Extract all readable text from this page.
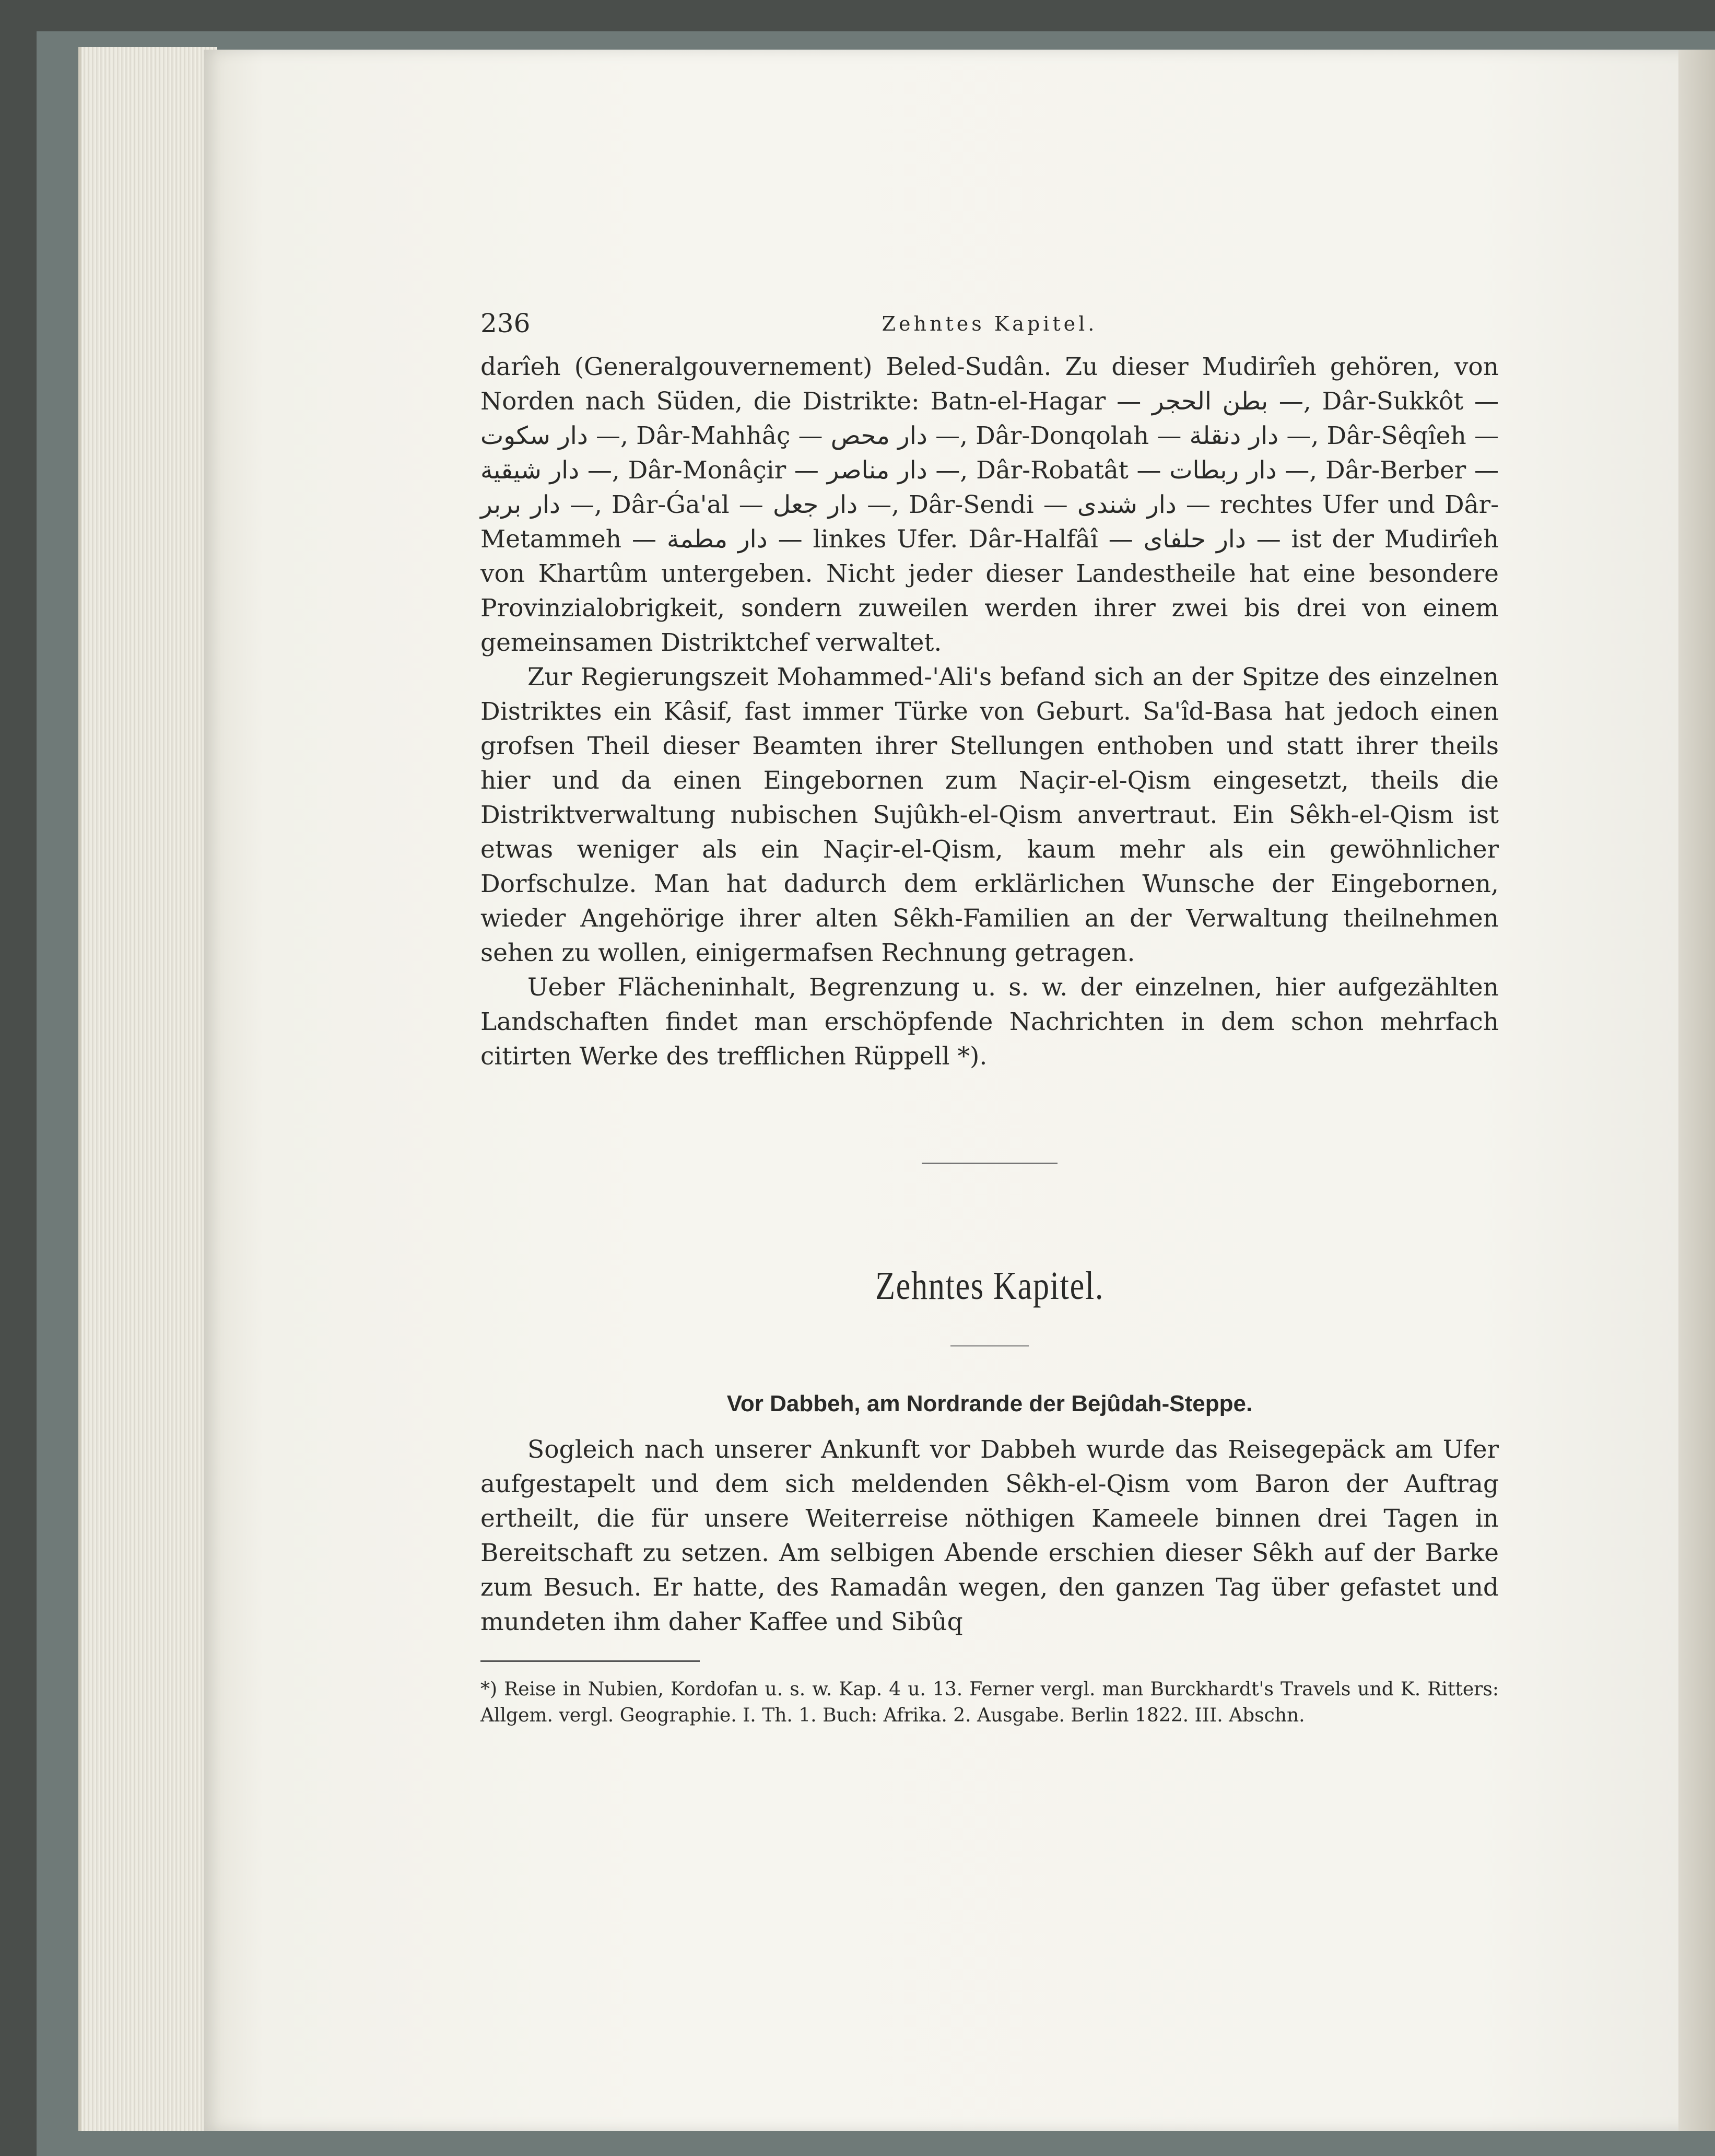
236	Zehntes Kapitel.

darîeh (Generalgouvernement) Beled-Sudân. Zu dieser Mudirîeh gehören, von Norden nach Süden, die Distrikte: Batn-el-Hagar — بطن الحجر —, Dâr-Sukkôt — دار سكوت —, Dâr-Mahhâç — دار محص —, Dâr-Donqolah — دار دنقلة —, Dâr-Sêqîeh — دار شيقية —, Dâr-Monâçir — دار مناصر —, Dâr-Robatât — دار ربطات —, Dâr-Berber — دار بربر —, Dâr-Ǵa'al — دار جعل —, Dâr-Sendi — دار شندى — rechtes Ufer und Dâr-Metammeh — دار مطمة — linkes Ufer. Dâr-Halfâî — دار حلفاى — ist der Mudirîeh von Khartûm untergeben. Nicht jeder dieser Landestheile hat eine besondere Provinzialobrigkeit, sondern zuweilen werden ihrer zwei bis drei von einem gemeinsamen Distriktchef verwaltet.

Zur Regierungszeit Mohammed-'Ali's befand sich an der Spitze des einzelnen Distriktes ein Kâsif, fast immer Türke von Geburt. Sa'îd-Basa hat jedoch einen grofsen Theil dieser Beamten ihrer Stellungen enthoben und statt ihrer theils hier und da einen Eingebornen zum Naçir-el-Qism eingesetzt, theils die Distriktverwaltung nubischen Sujûkh-el-Qism anvertraut. Ein Sêkh-el-Qism ist etwas weniger als ein Naçir-el-Qism, kaum mehr als ein gewöhnlicher Dorfschulze. Man hat dadurch dem erklärlichen Wunsche der Eingebornen, wieder Angehörige ihrer alten Sêkh-Familien an der Verwaltung theilnehmen sehen zu wollen, einigermafsen Rechnung getragen.

Ueber Flächeninhalt, Begrenzung u. s. w. der einzelnen, hier aufgezählten Landschaften findet man erschöpfende Nachrichten in dem schon mehrfach citirten Werke des trefflichen Rüppell *).

Zehntes Kapitel.

Vor Dabbeh, am Nordrande der Bejûdah-Steppe.

Sogleich nach unserer Ankunft vor Dabbeh wurde das Reisegepäck am Ufer aufgestapelt und dem sich meldenden Sêkh-el-Qism vom Baron der Auftrag ertheilt, die für unsere Weiterreise nöthigen Kameele binnen drei Tagen in Bereitschaft zu setzen. Am selbigen Abende erschien dieser Sêkh auf der Barke zum Besuch. Er hatte, des Ramadân wegen, den ganzen Tag über gefastet und mundeten ihm daher Kaffee und Sibûq

*) Reise in Nubien, Kordofan u. s. w. Kap. 4 u. 13. Ferner vergl. man Burckhardt's Travels und K. Ritters: Allgem. vergl. Geographie. I. Th. 1. Buch: Afrika. 2. Ausgabe. Berlin 1822. III. Abschn.
